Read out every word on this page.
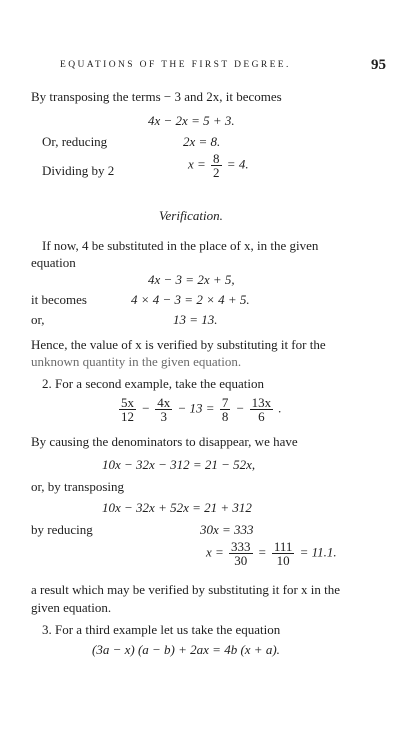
EQUATIONS OF THE FIRST DEGREE.	95
By transposing the terms − 3 and 2x, it becomes
4x − 2x = 5 + 3.
Or, reducing	2x = 8.
Dividing by 2	$x = \frac{8}{2} = 4$.
Verification.
If now, 4 be substituted in the place of x, in the given
equation
4x − 3 = 2x + 5,
it becomes	4 × 4 − 3 = 2 × 4 + 5.
or,	13 = 13.
Hence, the value of x is verified by substituting it for the
unknown quantity in the given equation.
2. For a second example, take the equation
$\frac{5x}{12} - \frac{4x}{3} - 13 = \frac{7}{8} - \frac{13x}{6}$ .
By causing the denominators to disappear, we have
10x − 32x − 312 = 21 − 52x,
or, by transposing
10x − 32x + 52x = 21 + 312
by reducing	30x = 333
$x = \frac{333}{30} = \frac{111}{10} = 11.1$.
a result which may be verified by substituting it for x in the
given equation.
3. For a third example let us take the equation
(3a − x) (a − b) + 2ax = 4b (x + a).
